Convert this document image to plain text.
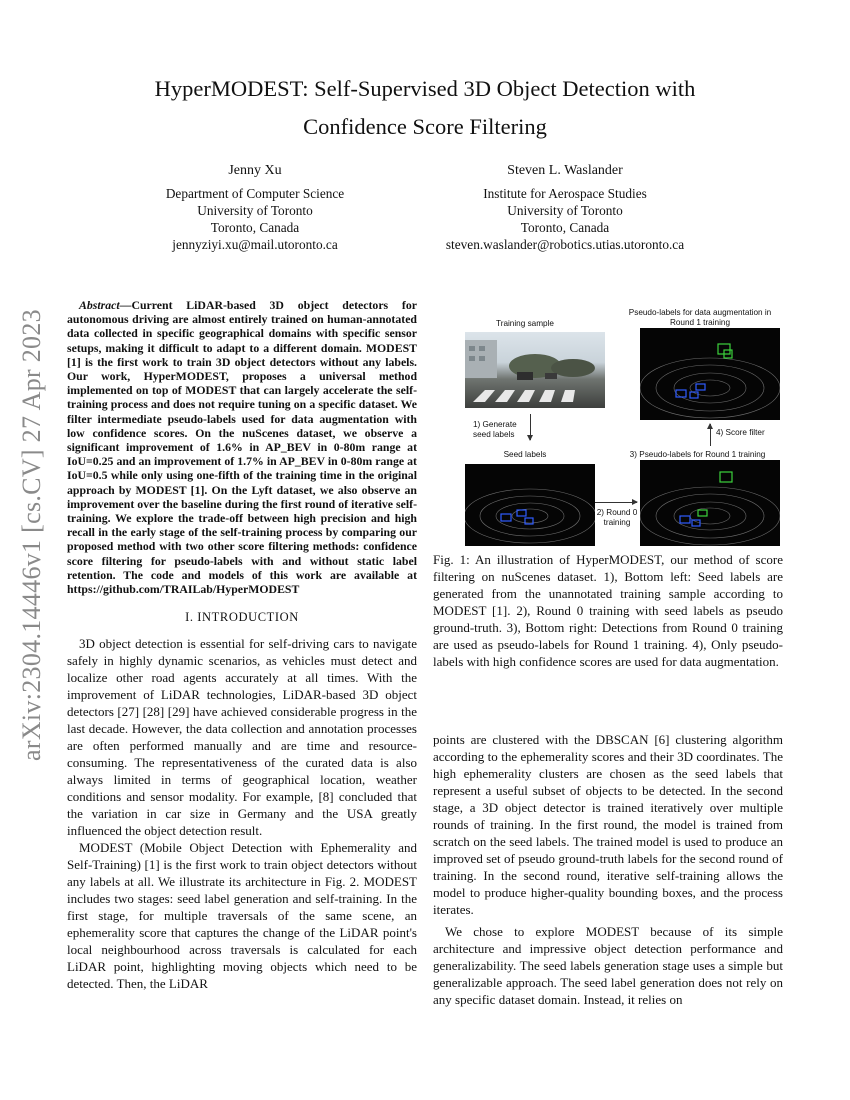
arXiv:2304.14446v1 [cs.CV] 27 Apr 2023
HyperMODEST: Self-Supervised 3D Object Detection with
Confidence Score Filtering
Jenny Xu
Department of Computer Science
University of Toronto
Toronto, Canada
jennyziyi.xu@mail.utoronto.ca
Steven L. Waslander
Institute for Aerospace Studies
University of Toronto
Toronto, Canada
steven.waslander@robotics.utias.utoronto.ca

Abstract—Current LiDAR-based 3D object detectors for autonomous driving are almost entirely trained on human-annotated data collected in specific geographical domains with specific sensor setups, making it difficult to adapt to a different domain. MODEST [1] is the first work to train 3D object detectors without any labels. Our work, HyperMODEST, proposes a universal method implemented on top of MODEST that can largely accelerate the self-training process and does not require tuning on a specific dataset. We filter intermediate pseudo-labels used for data augmentation with low confidence scores. On the nuScenes dataset, we observe a significant improvement of 1.6% in AP_BEV in 0-80m range at IoU=0.25 and an improvement of 1.7% in AP_BEV in 0-80m range at IoU=0.5 while only using one-fifth of the training time in the original approach by MODEST [1]. On the Lyft dataset, we also observe an improvement over the baseline during the first round of iterative self-training. We explore the trade-off between high precision and high recall in the early stage of the self-training process by comparing our proposed method with two other score filtering methods: confidence score filtering for pseudo-labels with and without static label retention. The code and models of this work are available at https://github.com/TRAILab/HyperMODEST

I. INTRODUCTION

3D object detection is essential for self-driving cars to navigate safely in highly dynamic scenarios, as vehicles must detect and localize other road agents accurately at all times. With the improvement of LiDAR technologies, LiDAR-based 3D object detectors [27] [28] [29] have achieved considerable progress in the last decade. However, the data collection and annotation processes are often performed manually and are time and resource-consuming. The representativeness of the curated data is also always limited in terms of geographical location, weather conditions and sensor modality. For example, [8] concluded that the variation in car size in Germany and the USA greatly influenced the object detection result.

MODEST (Mobile Object Detection with Ephemerality and Self-Training) [1] is the first work to train object detectors without any labels at all. We illustrate its architecture in Fig. 2. MODEST includes two stages: seed label generation and self-training. In the first stage, for multiple traversals of the same scene, an ephemerality score that captures the change of the LiDAR point's local neighbourhood across traversals is calculated for each LiDAR point, highlighting moving objects which need to be detected. Then, the LiDAR

Training sample
Pseudo-labels for data augmentation in Round 1 training
1) Generate seed labels	4) Score filter
Seed labels	3) Pseudo-labels for Round 1 training
2) Round 0 training

Fig. 1: An illustration of HyperMODEST, our method of score filtering on nuScenes dataset. 1), Bottom left: Seed labels are generated from the unannotated training sample according to MODEST [1]. 2), Round 0 training with seed labels as pseudo ground-truth. 3), Bottom right: Detections from Round 0 training are used as pseudo-labels for Round 1 training. 4), Only pseudo-labels with high confidence scores are used for data augmentation.

points are clustered with the DBSCAN [6] clustering algorithm according to the ephemerality scores and their 3D coordinates. The high ephemerality clusters are chosen as the seed labels that represent a useful subset of objects to be detected. In the second stage, a 3D object detector is trained iteratively over multiple rounds of training. In the first round, the model is trained from scratch on the seed labels. The trained model is used to produce an improved set of pseudo ground-truth labels for the second round of training. In the second round, iterative self-training allows the model to produce higher-quality bounding boxes, and the process iterates.

We chose to explore MODEST because of its simple architecture and impressive object detection performance and generalizability. The seed labels generation stage uses a simple but generalizable approach. The seed label generation does not rely on any specific dataset domain. Instead, it relies on
